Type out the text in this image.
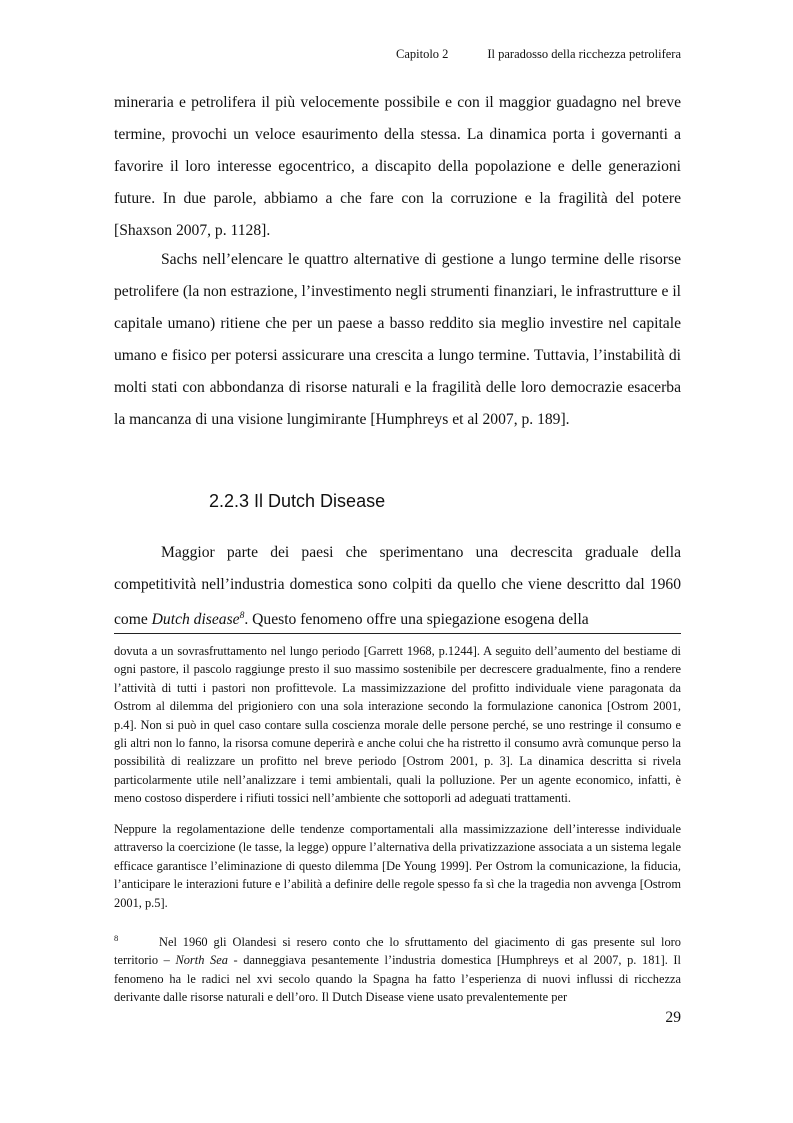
Capitolo 2	Il paradosso della ricchezza petrolifera
mineraria e petrolifera il più velocemente possibile e con il maggior guadagno nel breve termine, provochi un veloce esaurimento della stessa. La dinamica porta i governanti a favorire il loro interesse egocentrico, a discapito della popolazione e delle generazioni future. In due parole, abbiamo a che fare con la corruzione e la fragilità del potere [Shaxson 2007, p. 1128].
Sachs nell’elencare le quattro alternative di gestione a lungo termine delle risorse petrolifere (la non estrazione, l’investimento negli strumenti finanziari, le infrastrutture e il capitale umano) ritiene che per un paese a basso reddito sia meglio investire nel capitale umano e fisico per potersi assicurare una crescita a lungo termine. Tuttavia, l’instabilità di molti stati con abbondanza di risorse naturali e la fragilità delle loro democrazie esacerba la mancanza di una visione lungimirante [Humphreys et al 2007, p. 189].
2.2.3 Il Dutch Disease
Maggior parte dei paesi che sperimentano una decrescita graduale della competitività nell’industria domestica sono colpiti da quello che viene descritto dal 1960 come Dutch disease$^8$. Questo fenomeno offre una spiegazione esogena della
dovuta a un sovrasfruttamento nel lungo periodo [Garrett 1968, p.1244]. A seguito dell’aumento del bestiame di ogni pastore, il pascolo raggiunge presto il suo massimo sostenibile per decrescere gradualmente, fino a rendere l’attività di tutti i pastori non profittevole. La massimizzazione del profitto individuale viene paragonata da Ostrom al dilemma del prigioniero con una sola interazione secondo la formulazione canonica [Ostrom 2001, p.4]. Non si può in quel caso contare sulla coscienza morale delle persone perché, se uno restringe il consumo e gli altri non lo fanno, la risorsa comune deperirà e anche colui che ha ristretto il consumo avrà comunque perso la possibilità di realizzare un profitto nel breve periodo [Ostrom 2001, p. 3]. La dinamica descritta si rivela particolarmente utile nell’analizzare i temi ambientali, quali la polluzione. Per un agente economico, infatti, è meno costoso disperdere i rifiuti tossici nell’ambiente che sottoporli ad adeguati trattamenti.
Neppure la regolamentazione delle tendenze comportamentali alla massimizzazione dell’interesse individuale attraverso la coercizione (le tasse, la legge) oppure l’alternativa della privatizzazione associata a un sistema legale efficace garantisce l’eliminazione di questo dilemma [De Young 1999]. Per Ostrom la comunicazione, la fiducia, l’anticipare le interazioni future e l’abilità a definire delle regole spesso fa sì che la tragedia non avvenga [Ostrom 2001, p.5].
8	Nel 1960 gli Olandesi si resero conto che lo sfruttamento del giacimento di gas presente sul loro territorio – North Sea - danneggiava pesantemente l’industria domestica [Humphreys et al 2007, p. 181]. Il fenomeno ha le radici nel xvi secolo quando la Spagna ha fatto l’esperienza di nuovi influssi di ricchezza derivante dalle risorse naturali e dell’oro. Il Dutch Disease viene usato prevalentemente per
29
